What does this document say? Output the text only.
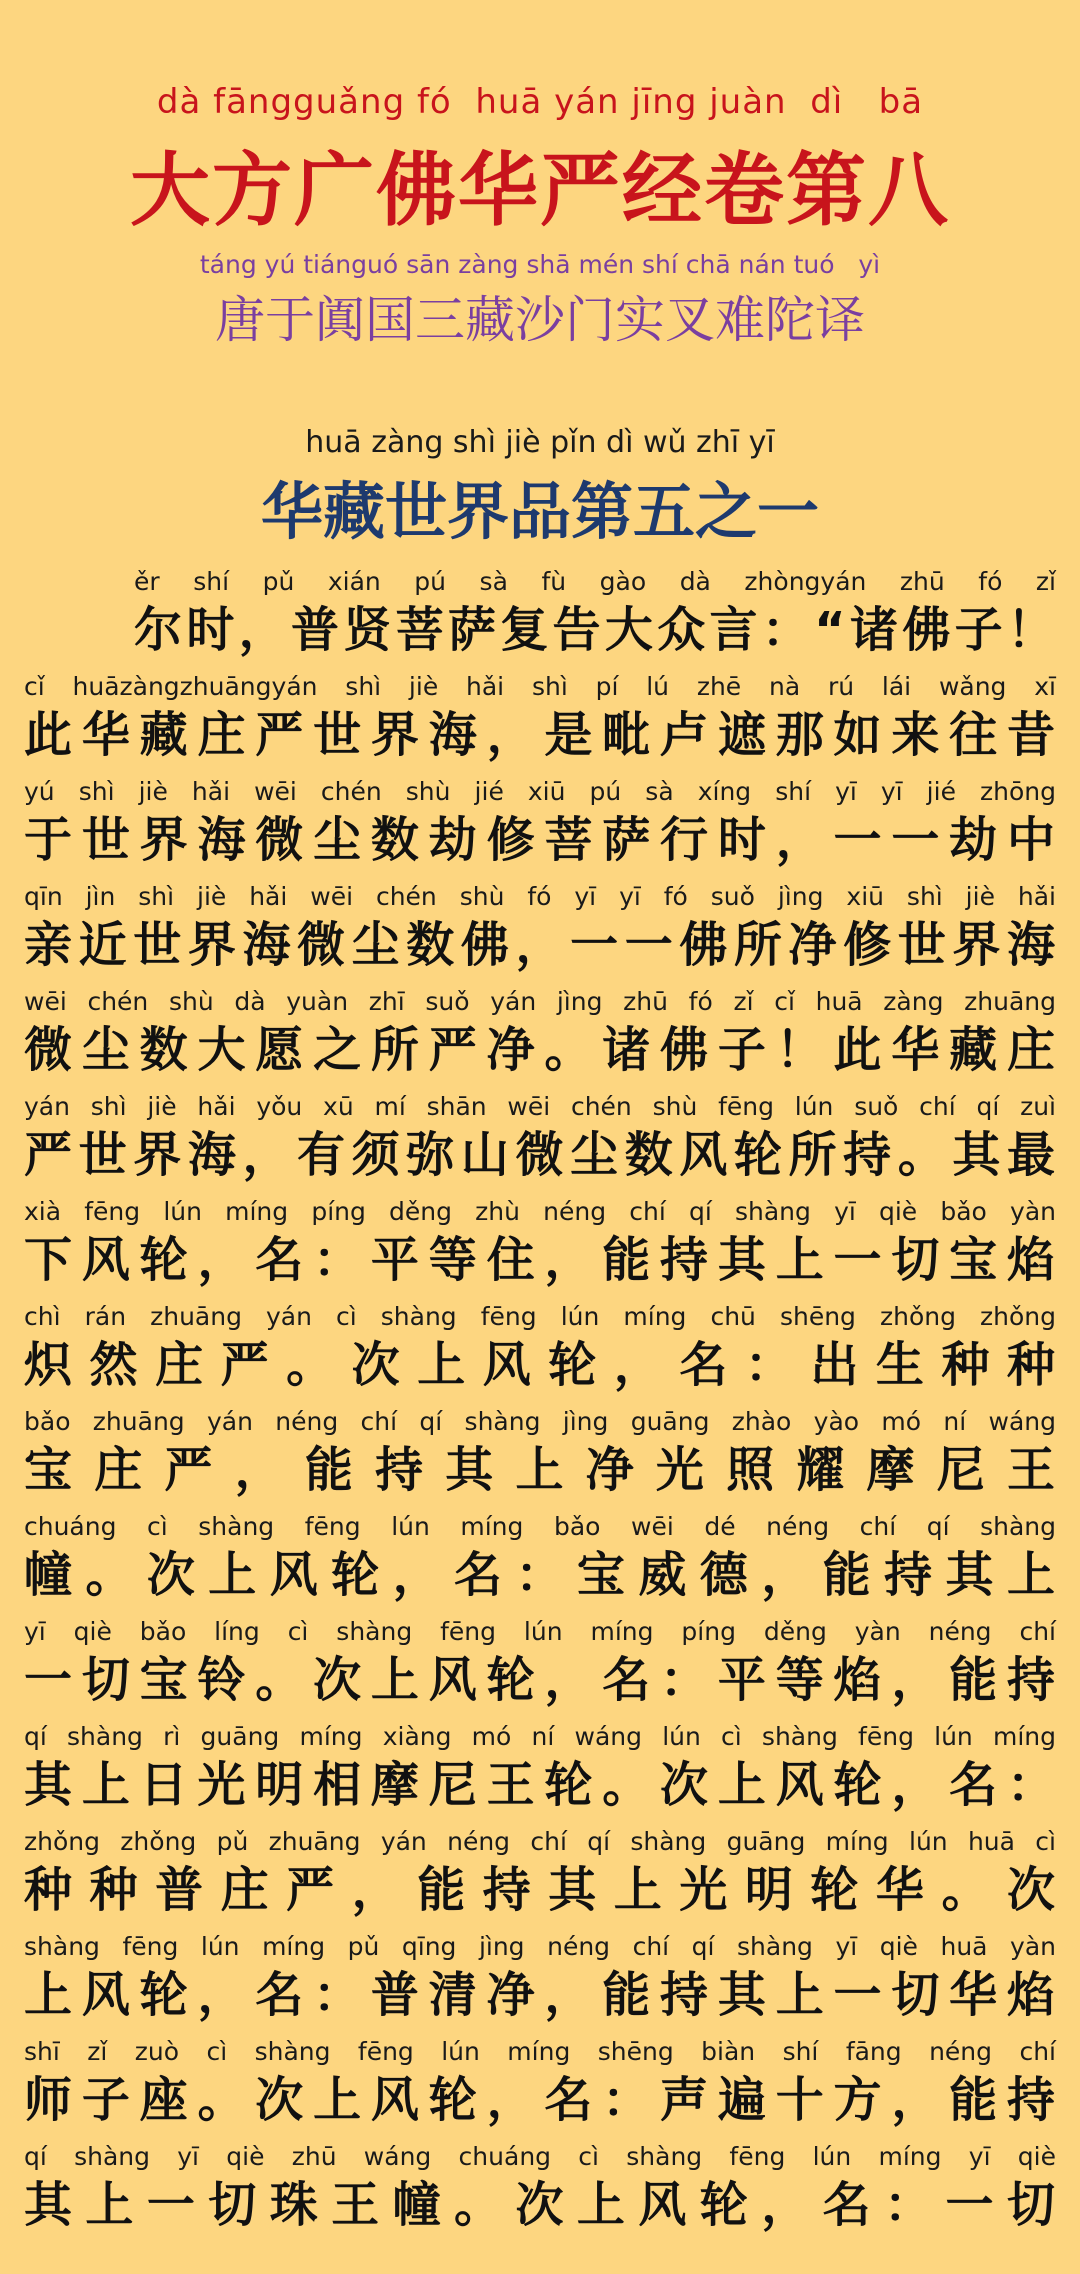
dà fāngguǎng fó  huā yán jīng juàn  dì   bā

大方广佛华严经卷第八

táng yú tiánguó sān zàng shā mén shí chā nán tuó   yì

唐于阗国三藏沙门实叉难陀译

huā zàng shì jiè pǐn dì wǔ zhī yī

华藏世界品第五之一

ěr shí pǔ xián pú sà fù gào dà zhòngyán zhū fó zǐ

尔时，普贤菩萨复告大众言：“诸佛子！

cǐ huāzàngzhuāngyán shì jiè hǎi shì pí lú zhē nà rú lái wǎng xī

此华藏庄严世界海，是毗卢遮那如来往昔

yú shì jiè hǎi wēi chén shù jié xiū pú sà xíng shí yī yī jié zhōng

于世界海微尘数劫修菩萨行时，一一劫中

qīn jìn shì jiè hǎi wēi chén shù fó yī yī fó suǒ jìng xiū shì jiè hǎi

亲近世界海微尘数佛，一一佛所净修世界海

wēi chén shù dà yuàn zhī suǒ yán jìng zhū fó zǐ cǐ huā zàng zhuāng

微尘数大愿之所严净。诸佛子！此华藏庄

yán shì jiè hǎi yǒu xū mí shān wēi chén shù fēng lún suǒ chí qí zuì

严世界海，有须弥山微尘数风轮所持。其最

xià fēng lún míng píng děng zhù néng chí qí shàng yī qiè bǎo yàn

下风轮，名：平等住，能持其上一切宝焰

chì rán zhuāng yán cì shàng fēng lún míng chū shēng zhǒng zhǒng

炽然庄严。次上风轮，名：出生种种

bǎo zhuāng yán néng chí qí shàng jìng guāng zhào yào mó ní wáng

宝庄严，能持其上净光照耀摩尼王

chuáng cì shàng fēng lún míng bǎo wēi dé néng chí qí shàng

幢。次上风轮，名：宝威德，能持其上

yī qiè bǎo líng cì shàng fēng lún míng píng děng yàn néng chí

一切宝铃。次上风轮，名：平等焰，能持

qí shàng rì guāng míng xiàng mó ní wáng lún cì shàng fēng lún míng

其上日光明相摩尼王轮。次上风轮，名：

zhǒng zhǒng pǔ zhuāng yán néng chí qí shàng guāng míng lún huā cì

种种普庄严，能持其上光明轮华。次

shàng fēng lún míng pǔ qīng jìng néng chí qí shàng yī qiè huā yàn

上风轮，名：普清净，能持其上一切华焰

shī zǐ zuò cì shàng fēng lún míng shēng biàn shí fāng néng chí

师子座。次上风轮，名：声遍十方，能持

qí shàng yī qiè zhū wáng chuáng cì shàng fēng lún míng yī qiè

其上一切珠王幢。次上风轮，名：一切
